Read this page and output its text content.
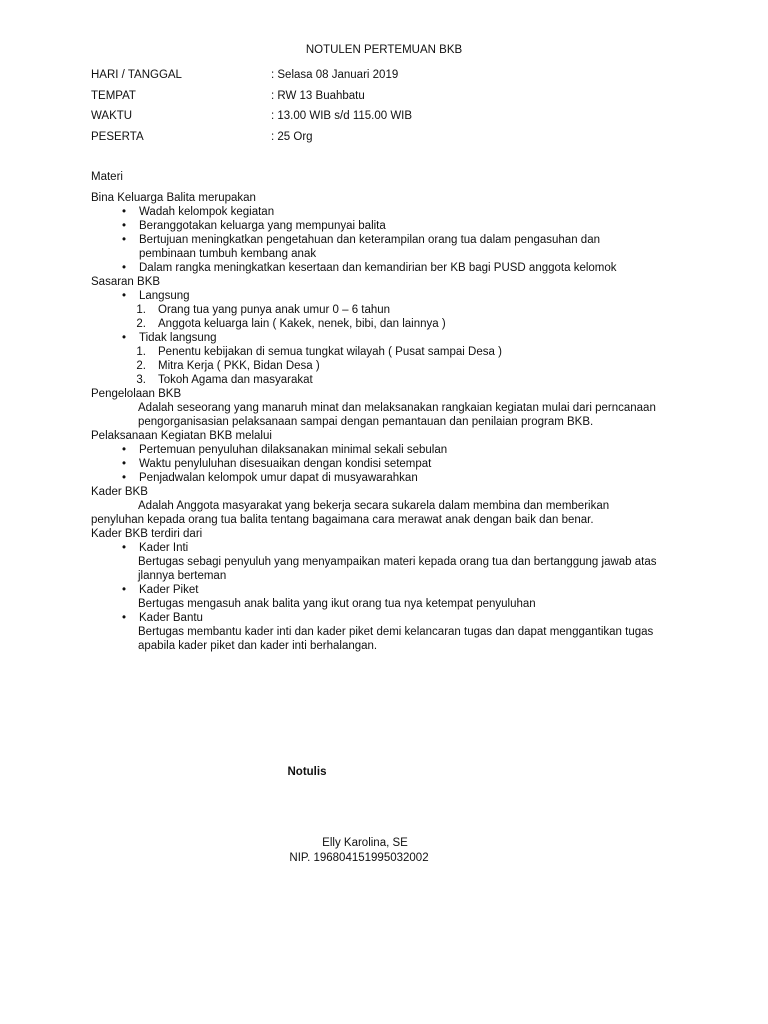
NOTULEN PERTEMUAN BKB
HARI / TANGGAL	: Selasa 08 Januari 2019
TEMPAT	: RW 13 Buahbatu
WAKTU	: 13.00 WIB s/d 115.00 WIB
PESERTA	: 25 Org
Materi
Bina Keluarga Balita merupakan
•	Wadah kelompok kegiatan
•	Beranggotakan keluarga yang mempunyai balita
•	Bertujuan meningkatkan pengetahuan dan keterampilan orang tua dalam pengasuhan dan pembinaan tumbuh kembang anak
•	Dalam rangka meningkatkan kesertaan dan kemandirian ber KB bagi PUSD anggota kelomok
Sasaran BKB
•	Langsung
1.	Orang tua yang punya anak umur 0 – 6 tahun
2.	Anggota keluarga lain ( Kakek, nenek, bibi, dan lainnya )
•	Tidak langsung
1.	Penentu kebijakan di semua tungkat wilayah ( Pusat sampai Desa )
2.	Mitra Kerja ( PKK, Bidan Desa )
3.	Tokoh Agama dan masyarakat
Pengelolaan BKB
Adalah seseorang yang manaruh minat dan melaksanakan rangkaian kegiatan mulai dari perncanaan pengorganisasian pelaksanaan sampai dengan pemantauan dan penilaian program BKB.
Pelaksanaan Kegiatan BKB melalui
•	Pertemuan penyuluhan dilaksanakan minimal sekali sebulan
•	Waktu penyluluhan disesuaikan dengan kondisi setempat
•	Penjadwalan kelompok umur dapat di musyawarahkan
Kader BKB
Adalah Anggota masyarakat yang bekerja secara sukarela dalam membina dan memberikan
penyluhan kepada orang tua balita tentang bagaimana cara merawat anak dengan baik dan benar.
Kader BKB terdiri dari
•	Kader Inti
Bertugas sebagi penyuluh yang menyampaikan materi kepada orang tua dan bertanggung jawab atas jlannya berteman
•	Kader Piket
Bertugas mengasuh anak balita yang ikut orang tua nya ketempat penyuluhan
•	Kader Bantu
Bertugas membantu kader inti dan kader piket demi kelancaran tugas dan dapat menggantikan tugas apabila kader piket dan kader inti berhalangan.
Notulis
Elly Karolina, SE
NIP. 196804151995032002
